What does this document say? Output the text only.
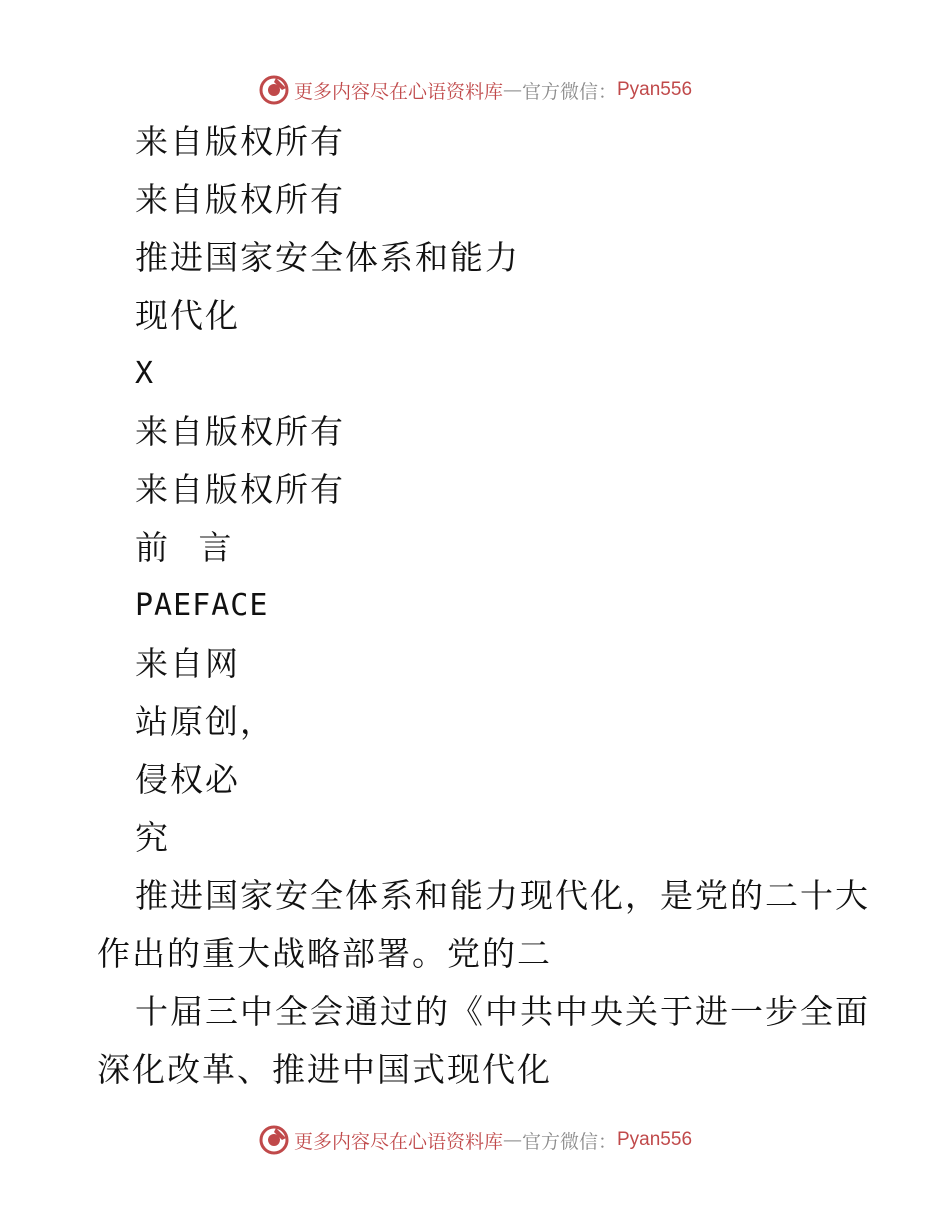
更多内容尽在心语资料库 — 官方微信： Pyan556
来自版权所有
来自版权所有
推进国家安全体系和能力
现代化
X
来自版权所有
来自版权所有
前 言
PAEFACE
来自网
站原创，
侵权必
究
推进国家安全体系和能力现代化，是党的二十大
作出的重大战略部署。党的二
十届三中全会通过的《中共中央关于进一步全面
深化改革、推进中国式现代化
更多内容尽在心语资料库 — 官方微信： Pyan556
